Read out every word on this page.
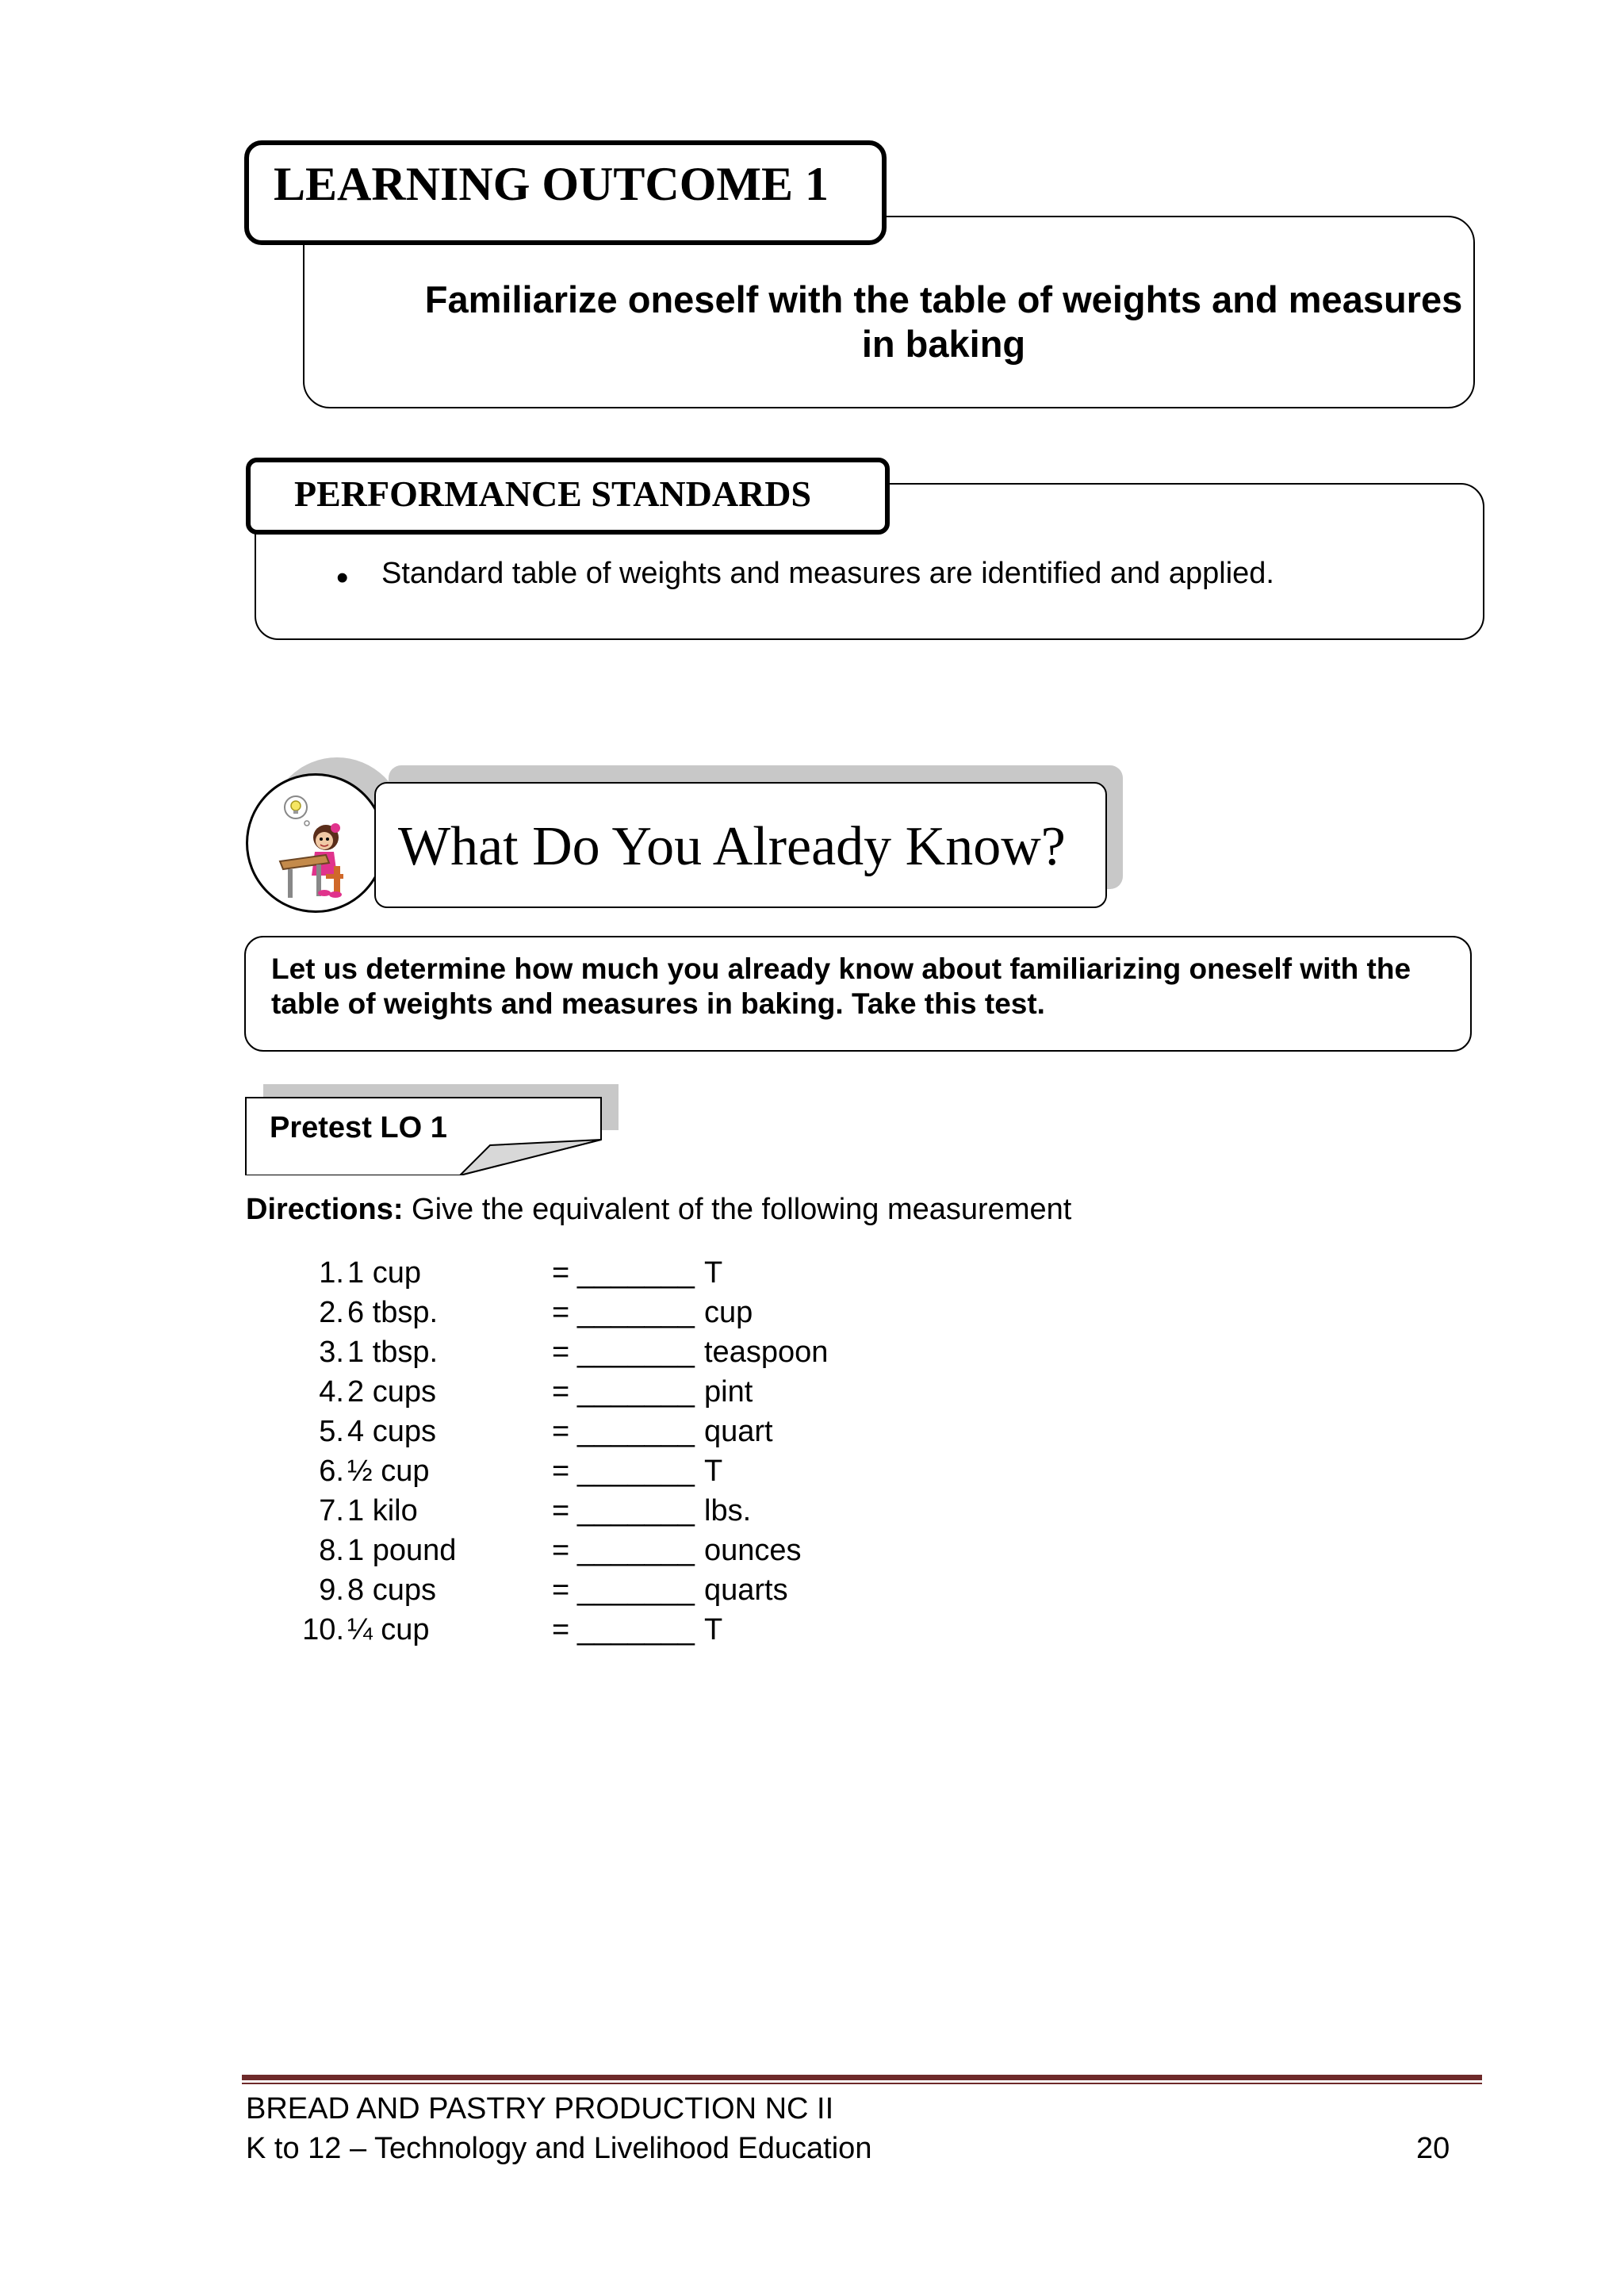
LEARNING OUTCOME 1
Familiarize oneself with the table of weights and measures in baking
PERFORMANCE STANDARDS
• Standard table of weights and measures are identified and applied.
What Do You Already Know?
Let us determine how much you already know about familiarizing oneself with the table of weights and measures in baking. Take this test.
Pretest LO 1
Directions: Give the equivalent of the following measurement
1. 1 cup	= _______ T
2. 6 tbsp.	= _______ cup
3. 1 tbsp.	= _______ teaspoon
4. 2 cups	= _______ pint
5. 4 cups	= _______ quart
6. ½ cup	= _______ T
7. 1 kilo	= _______ lbs.
8. 1 pound	= _______ ounces
9. 8 cups	= _______ quarts
10. ¼ cup	= _______ T
BREAD AND PASTRY PRODUCTION NC II
K to 12 – Technology and Livelihood Education	20
